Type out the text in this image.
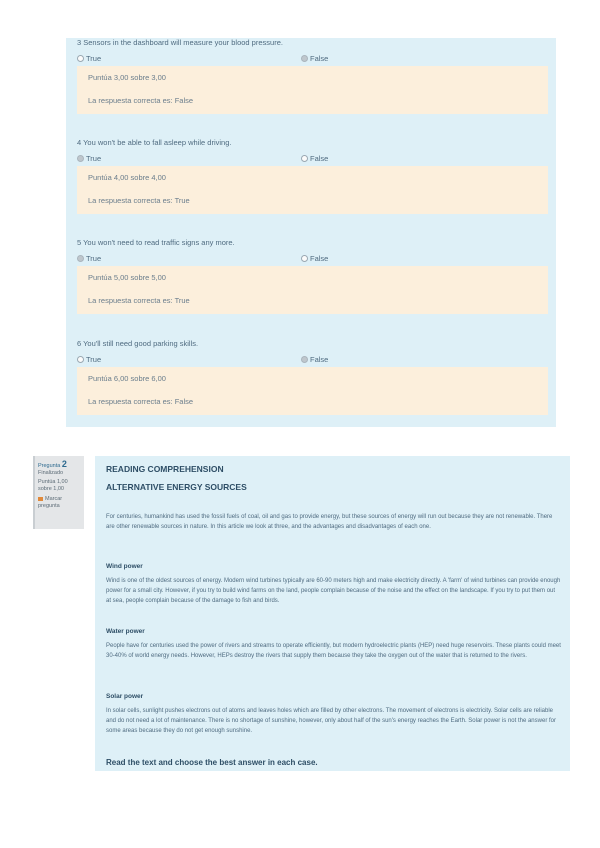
3 Sensors in the dashboard will measure your blood pressure.
True	False
Puntúa 3,00 sobre 3,00
La respuesta correcta es: False
4 You won't be able to fall asleep while driving.
True	False
Puntúa 4,00 sobre 4,00
La respuesta correcta es: True
5 You won't need to read traffic signs any more.
True	False
Puntúa 5,00 sobre 5,00
La respuesta correcta es: True
6 You'll still need good parking skills.
True	False
Puntúa 6,00 sobre 6,00
La respuesta correcta es: False
Pregunta 2
Finalizado
Puntúa 1,00
sobre 1,00
Marcar
pregunta
READING COMPREHENSION
ALTERNATIVE ENERGY SOURCES
For centuries, humankind has used the fossil fuels of coal, oil and gas to provide energy, but these sources of energy will run out because they are not renewable. There are other renewable sources in nature. In this article we look at three, and the advantages and disadvantages of each one.
Wind power
Wind is one of the oldest sources of energy. Modern wind turbines typically are 60-90 meters high and make electricity directly. A 'farm' of wind turbines can provide enough power for a small city. However, if you try to build wind farms on the land, people complain because of the noise and the effect on the landscape. If you try to put them out at sea, people complain because of the damage to fish and birds.
Water power
People have for centuries used the power of rivers and streams to operate efficiently, but modern hydroelectric plants (HEP) need huge reservoirs. These plants could meet 30-40% of world energy needs. However, HEPs destroy the rivers that supply them because they take the oxygen out of the water that is returned to the rivers.
Solar power
In solar cells, sunlight pushes electrons out of atoms and leaves holes which are filled by other electrons. The movement of electrons is electricity. Solar cells are reliable and do not need a lot of maintenance. There is no shortage of sunshine, however, only about half of the sun's energy reaches the Earth. Solar power is not the answer for some areas because they do not get enough sunshine.
Read the text and choose the best answer in each case.
